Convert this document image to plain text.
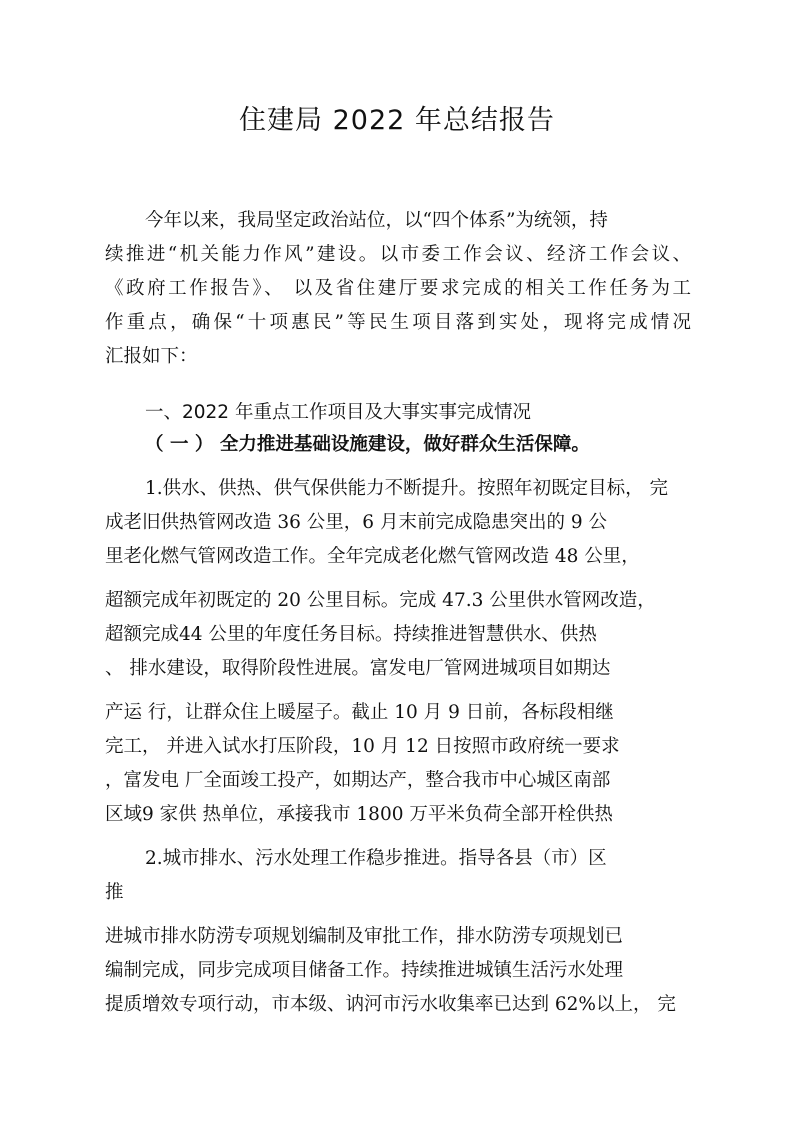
住建局 2022 年总结报告
今年以来，我局坚定政治站位，以“四个体系”为统领，持
续推进“机关能力作风”建设。以市委工作会议、经济工作会议、
《政府工作报告》、 以及省住建厅要求完成的相关工作任务为工
作重点，确保“十项惠民”等民生项目落到实处，现将完成情况
汇报如下：
一、2022 年重点工作项目及大事实事完成情况
（ 一 ） 全力推进基础设施建设，做好群众生活保障。
1.供水、供热、供气保供能力不断提升。按照年初既定目标， 完
成老旧供热管网改造 36 公里，6 月末前完成隐患突出的 9 公
里老化燃气管网改造工作。全年完成老化燃气管网改造 48 公里，
超额完成年初既定的 20 公里目标。完成 47.3 公里供水管网改造，
超额完成44 公里的年度任务目标。持续推进智慧供水、供热
、 排水建设，取得阶段性进展。富发电厂管网进城项目如期达
产运 行，让群众住上暖屋子。截止 10 月 9 日前，各标段相继
完工， 并进入试水打压阶段，10 月 12 日按照市政府统一要求
，富发电 厂全面竣工投产，如期达产，整合我市中心城区南部
区域9 家供 热单位，承接我市 1800 万平米负荷全部开栓供热
2.城市排水、污水处理工作稳步推进。指导各县（市）区
推
进城市排水防涝专项规划编制及审批工作，排水防涝专项规划已
编制完成，同步完成项目储备工作。持续推进城镇生活污水处理
提质增效专项行动，市本级、讷河市污水收集率已达到 62%以上， 完
